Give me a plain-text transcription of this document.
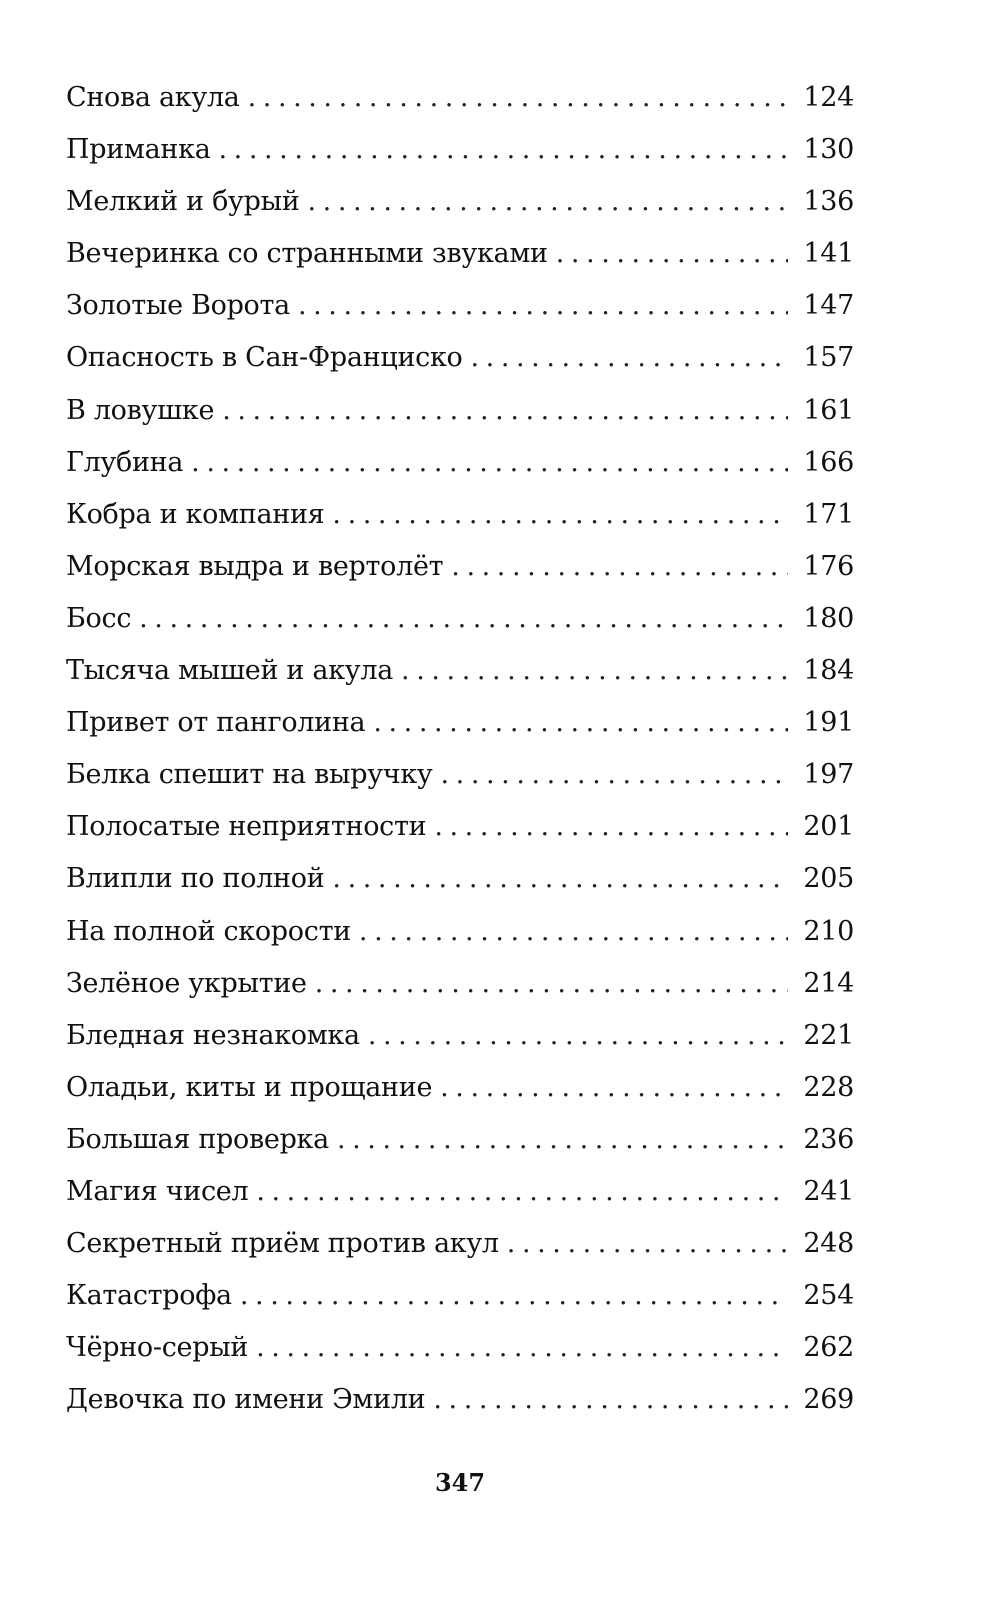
Снова акула . . .	124
Приманка . . .	130
Мелкий и бурый . . .	136
Вечеринка со странными звуками . . .	141
Золотые Ворота . . .	147
Опасность в Сан-Франциско . . .	157
В ловушке . . .	161
Глубина . . .	166
Кобра и компания . . .	171
Морская выдра и вертолёт . . .	176
Босс . . .	180
Тысяча мышей и акула . . .	184
Привет от панголина . . .	191
Белка спешит на выручку . . .	197
Полосатые неприятности . . .	201
Влипли по полной . . .	205
На полной скорости . . .	210
Зелёное укрытие . . .	214
Бледная незнакомка . . .	221
Оладьи, киты и прощание . . .	228
Большая проверка . . .	236
Магия чисел . . .	241
Секретный приём против акул . . .	248
Катастрофа . . .	254
Чёрно-серый . . .	262
Девочка по имени Эмили . . .	269
347
